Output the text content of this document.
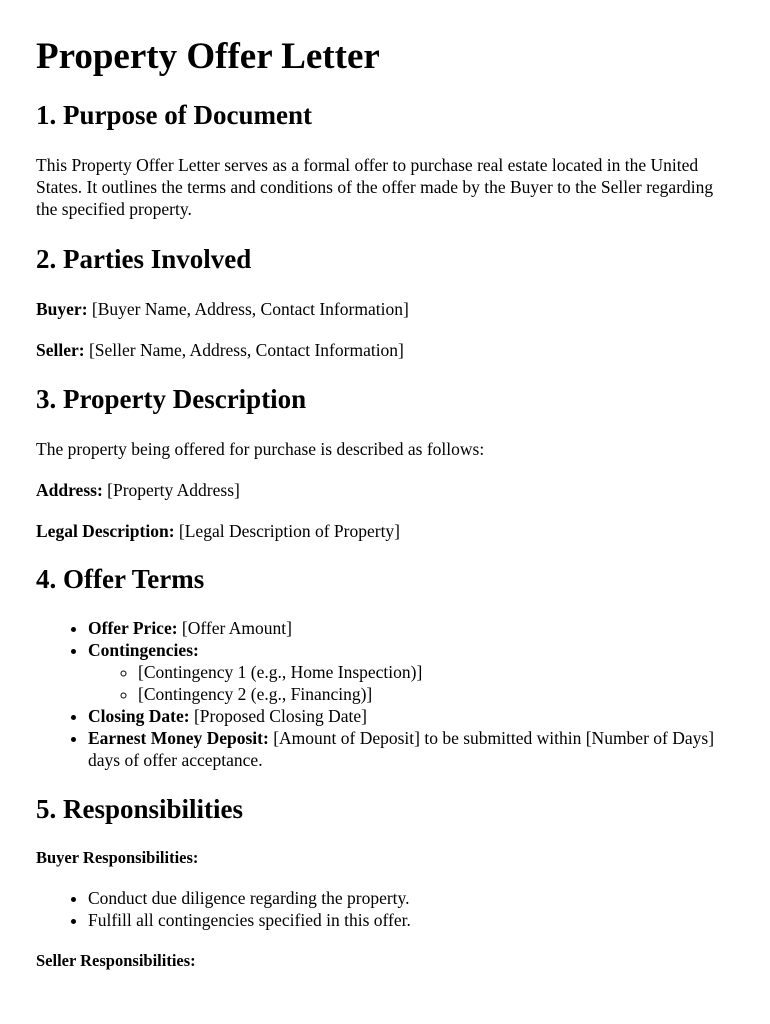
Property Offer Letter
1. Purpose of Document

This Property Offer Letter serves as a formal offer to purchase real estate located in the United States. It outlines the terms and conditions of the offer made by the Buyer to the Seller regarding the specified property.

2. Parties Involved

Buyer: [Buyer Name, Address, Contact Information]

Seller: [Seller Name, Address, Contact Information]

3. Property Description

The property being offered for purchase is described as follows:

Address: [Property Address]

Legal Description: [Legal Description of Property]

4. Offer Terms
• Offer Price: [Offer Amount]
• Contingencies:
◦ [Contingency 1 (e.g., Home Inspection)]
◦ [Contingency 2 (e.g., Financing)]
• Closing Date: [Proposed Closing Date]
• Earnest Money Deposit: [Amount of Deposit] to be submitted within [Number of Days] days of offer acceptance.
5. Responsibilities

Buyer Responsibilities:

• Conduct due diligence regarding the property.
• Fulfill all contingencies specified in this offer.

Seller Responsibilities:
